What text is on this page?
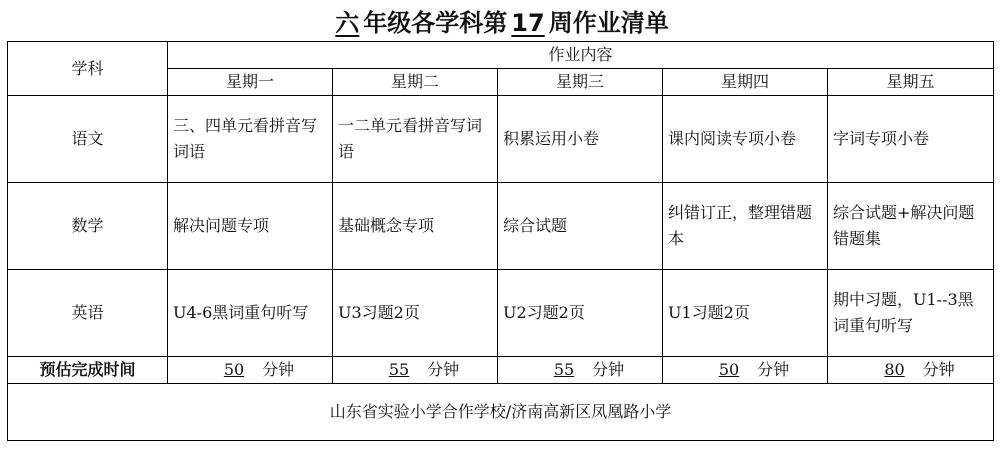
六 年级各学科第 17 周作业清单
学科	作业内容				
	星期一	星期二	星期三	星期四	星期五
语文	三、四单元看拼音写词语	一二单元看拼音写词语	积累运用小卷	课内阅读专项小卷	字词专项小卷
数学	解决问题专项	基础概念专项	综合试题	纠错订正，整理错题本	综合试题+解决问题错题集
英语	U4-6黑词重句听写	U3习题2页	U2习题2页	U1习题2页	期中习题，U1--3黑词重句听写
预估完成时间	50 分钟	55 分钟	55 分钟	50 分钟	80 分钟
山东省实验小学合作学校/济南高新区凤凰路小学					
